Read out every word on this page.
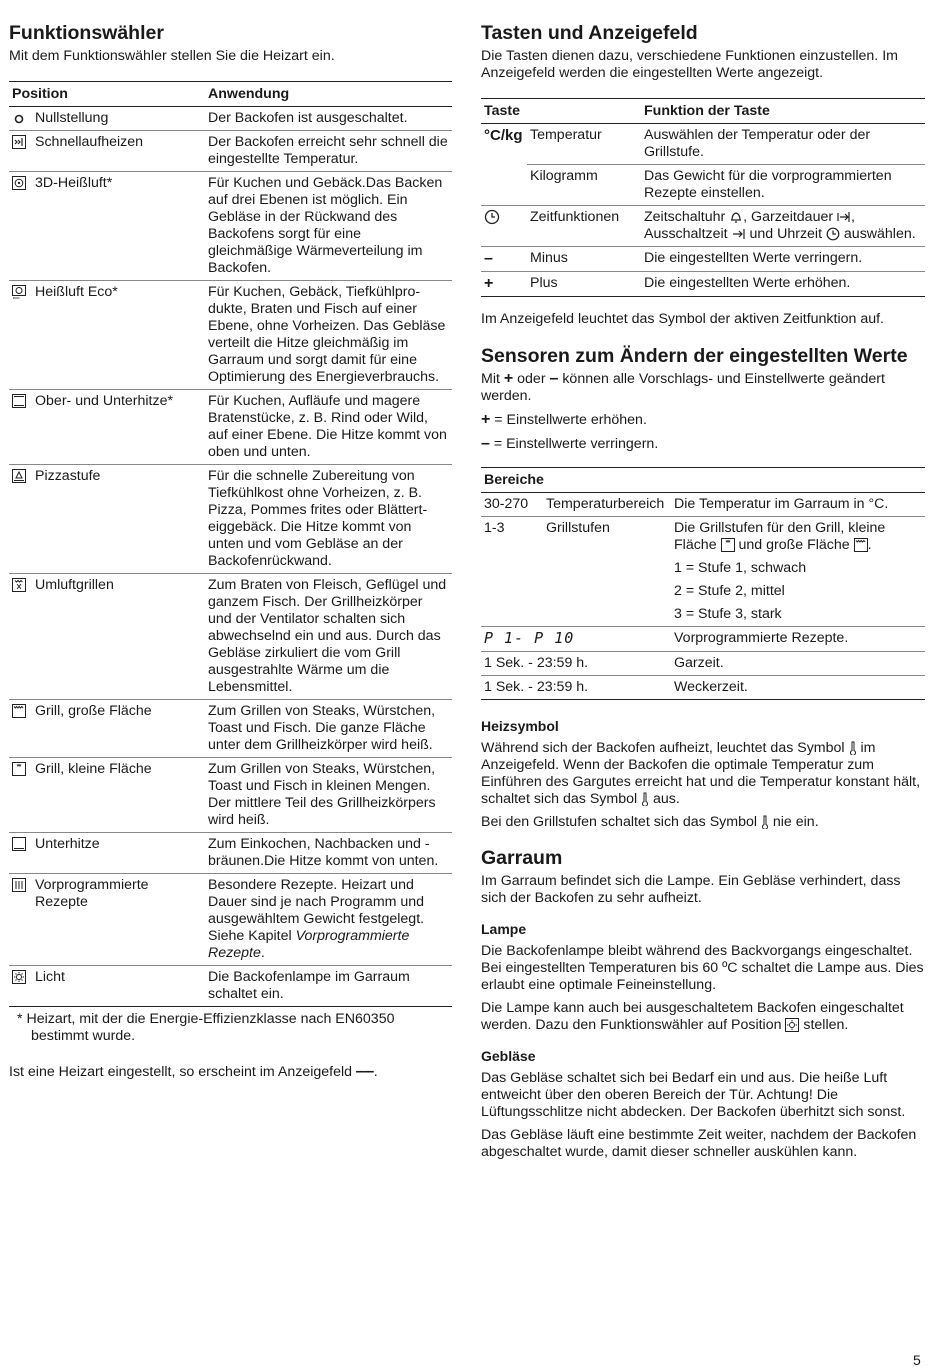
Funktionswähler

Mit dem Funktionswähler stellen Sie die Heizart ein.

Position	Anwendung

Nullstellung	Der Backofen ist ausgeschaltet.

Schnellaufheizen	Der Backofen erreicht sehr schnell die eingestellte Temperatur.

3D-Heißluft*	Für Kuchen und Gebäck.Das Backen auf drei Ebenen ist möglich. Ein Gebläse in der Rückwand des Backofens sorgt für eine gleichmäßige Wärmeverteilung im Backofen.

eco Heißluft Eco*	Für Kuchen, Gebäck, Tiefkühlprodukte, Braten und Fisch auf einer Ebene, ohne Vorheizen. Das Gebläse verteilt die Hitze gleichmäßig im Garraum und sorgt damit für eine Optimierung des Energieverbrauchs.

Ober- und Unterhitze*	Für Kuchen, Aufläufe und magere Bratenstücke, z. B. Rind oder Wild, auf einer Ebene. Die Hitze kommt von oben und unten.

Pizzastufe	Für die schnelle Zubereitung von Tiefkühlkost ohne Vorheizen, z. B. Pizza, Pommes frites oder Blätterteiggebäck. Die Hitze kommt von unten und vom Gebläse an der Backofenrückwand.

Umluftgrillen	Zum Braten von Fleisch, Geflügel und ganzem Fisch. Der Grillheizkörper und der Ventilator schalten sich abwechselnd ein und aus. Durch das Gebläse zirkuliert die vom Grill ausgestrahlte Wärme um die Lebensmittel.

Grill, große Fläche	Zum Grillen von Steaks, Würstchen, Toast und Fisch. Die ganze Fläche unter dem Grillheizkörper wird heiß.

Grill, kleine Fläche	Zum Grillen von Steaks, Würstchen, Toast und Fisch in kleinen Mengen. Der mittlere Teil des Grillheizkörpers wird heiß.

Unterhitze	Zum Einkochen, Nachbacken und -bräunen.Die Hitze kommt von unten.

Vorprogrammierte Rezepte	Besondere Rezepte. Heizart und Dauer sind je nach Programm und ausgewähltem Gewicht festgelegt. Siehe Kapitel Vorprogrammierte Rezepte.

Licht	Die Backofenlampe im Garraum schaltet ein.

* Heizart, mit der die Energie-Effizienzklasse nach EN60350 bestimmt wurde.

Ist eine Heizart eingestellt, so erscheint im Anzeigefeld ‒‒.

Tasten und Anzeigefeld

Die Tasten dienen dazu, verschiedene Funktionen einzustellen. Im Anzeigefeld werden die eingestellten Werte angezeigt.

Taste		Funktion der Taste
°C/kg	Temperatur	Auswählen der Temperatur oder der Grillstufe.
	Kilogramm	Das Gewicht für die vorprogrammierten Rezepte einstellen.
	Zeitfunktionen	Zeitschaltuhr , Garzeitdauer , Ausschaltzeit  und Uhrzeit  auswählen.
–	Minus	Die eingestellten Werte verringern.
+	Plus	Die eingestellten Werte erhöhen.

Im Anzeigefeld leuchtet das Symbol der aktiven Zeitfunktion auf.

Sensoren zum Ändern der eingestellten Werte

Mit + oder – können alle Vorschlags- und Einstellwerte geändert werden.

+ = Einstellwerte erhöhen.

– = Einstellwerte verringern.

Bereiche		
30-270	Temperaturbereich	Die Temperatur im Garraum in °C.
1-3	Grillstufen	Die Grillstufen für den Grill, kleine Fläche  und große Fläche .
1 = Stufe 1, schwach
2 = Stufe 2, mittel
3 = Stufe 3, stark

P 1- P 10		Vorprogrammierte Rezepte.
1 Sek. - 23:59 h.		Garzeit.
1 Sek. - 23:59 h.		Weckerzeit.
Heizsymbol

Während sich der Backofen aufheizt, leuchtet das Symbol  im Anzeigefeld. Wenn der Backofen die optimale Temperatur zum Einführen des Gargutes erreicht hat und die Temperatur konstant hält, schaltet sich das Symbol  aus.

Bei den Grillstufen schaltet sich das Symbol  nie ein.

Garraum

Im Garraum befindet sich die Lampe. Ein Gebläse verhindert, dass sich der Backofen zu sehr aufheizt.

Lampe

Die Backofenlampe bleibt während des Backvorgangs eingeschaltet. Bei eingestellten Temperaturen bis 60 ºC schaltet die Lampe aus. Dies erlaubt eine optimale Feineinstellung.

Die Lampe kann auch bei ausgeschaltetem Backofen eingeschaltet werden. Dazu den Funktionswähler auf Position  stellen.

Gebläse

Das Gebläse schaltet sich bei Bedarf ein und aus. Die heiße Luft entweicht über den oberen Bereich der Tür. Achtung! Die Lüftungsschlitze nicht abdecken. Der Backofen überhitzt sich sonst.

Das Gebläse läuft eine bestimmte Zeit weiter, nachdem der Backofen abgeschaltet wurde, damit dieser schneller auskühlen kann.

5
